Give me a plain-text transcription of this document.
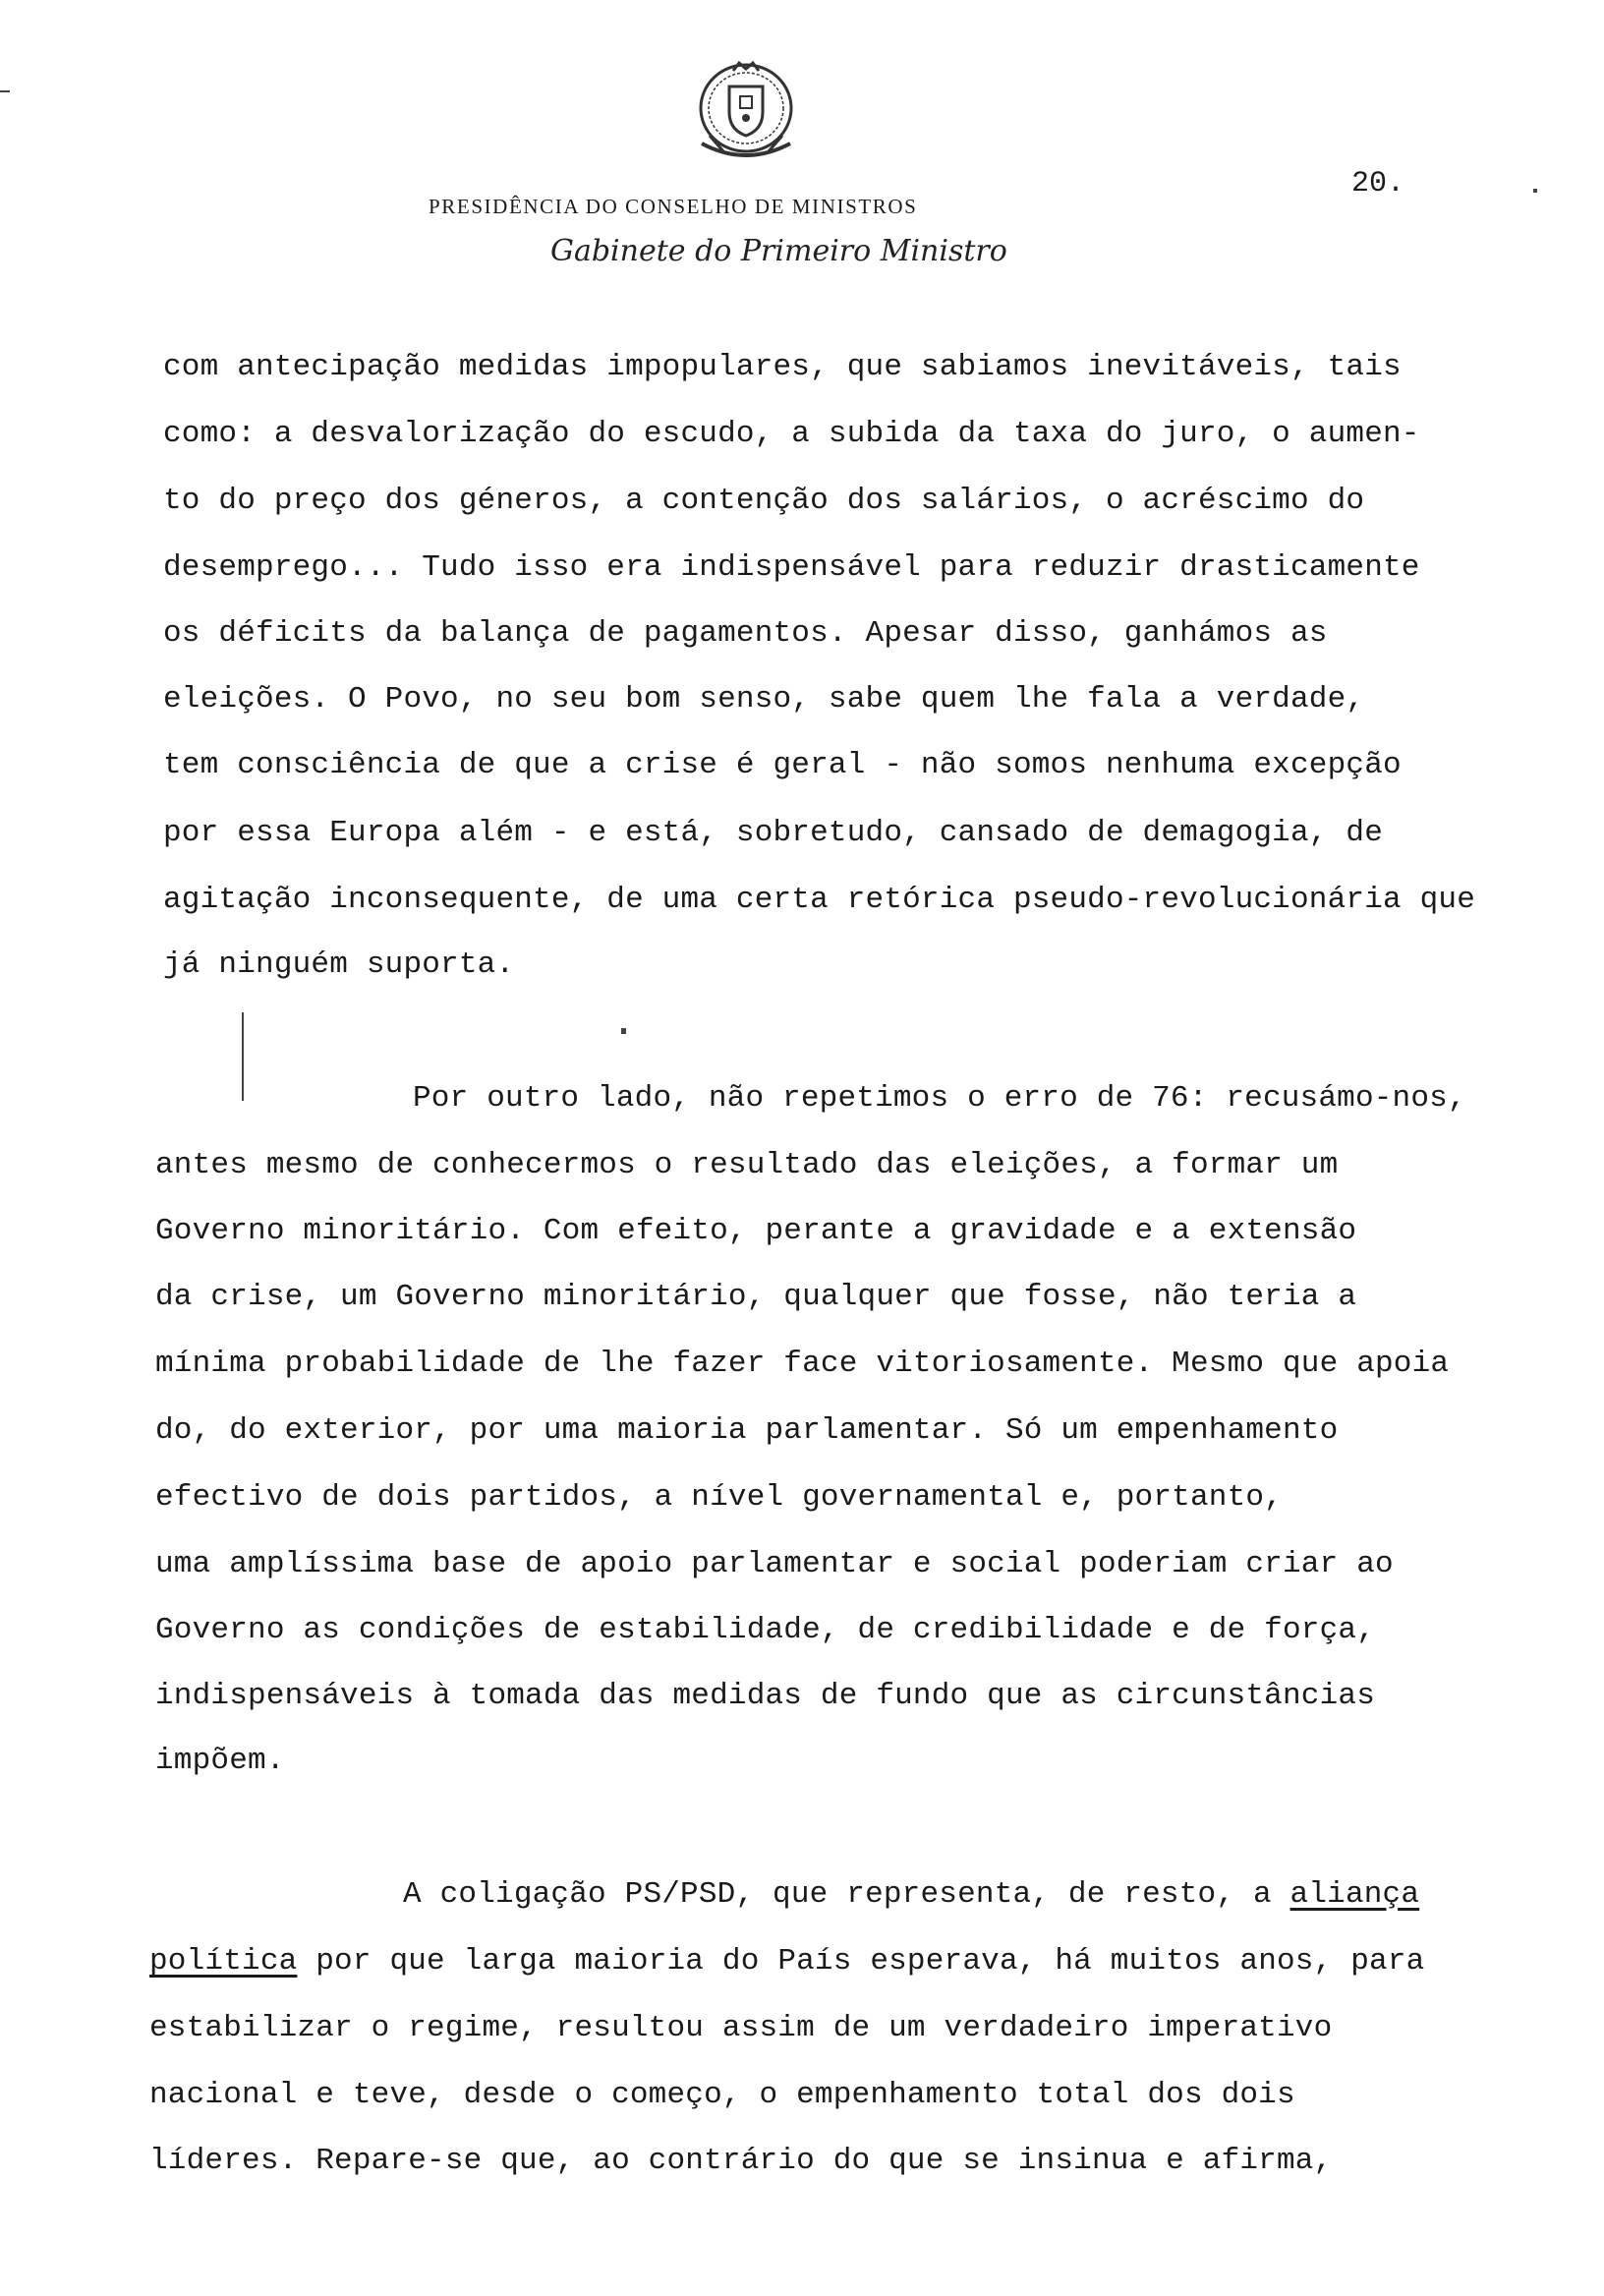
PRESIDÊNCIA DO CONSELHO DE MINISTROS
Gabinete do Primeiro Ministro
20.
com antecipação medidas impopulares, que sabiamos inevitáveis, tais
como: a desvalorização do escudo, a subida da taxa do juro, o aumen-
to do preço dos géneros, a contenção dos salários, o acréscimo do
desemprego... Tudo isso era indispensável para reduzir drasticamente
os déficits da balança de pagamentos. Apesar disso, ganhámos as
eleições. O Povo, no seu bom senso, sabe quem lhe fala a verdade,
tem consciência de que a crise é geral - não somos nenhuma excepção
por essa Europa além - e está, sobretudo, cansado de demagogia, de
agitação inconsequente, de uma certa retórica pseudo-revolucionária que
já ninguém suporta.
Por outro lado, não repetimos o erro de 76: recusámo-nos,
antes mesmo de conhecermos o resultado das eleições, a formar um
Governo minoritário. Com efeito, perante a gravidade e a extensão
da crise, um Governo minoritário, qualquer que fosse, não teria a
mínima probabilidade de lhe fazer face vitoriosamente. Mesmo que apoia
do, do exterior, por uma maioria parlamentar. Só um empenhamento
efectivo de dois partidos, a nível governamental e, portanto,
uma amplíssima base de apoio parlamentar e social poderiam criar ao
Governo as condições de estabilidade, de credibilidade e de força,
indispensáveis à tomada das medidas de fundo que as circunstâncias
impõem.
A coligação PS/PSD, que representa, de resto, a aliança
política por que larga maioria do País esperava, há muitos anos, para
estabilizar o regime, resultou assim de um verdadeiro imperativo
nacional e teve, desde o começo, o empenhamento total dos dois
líderes. Repare-se que, ao contrário do que se insinua e afirma,
